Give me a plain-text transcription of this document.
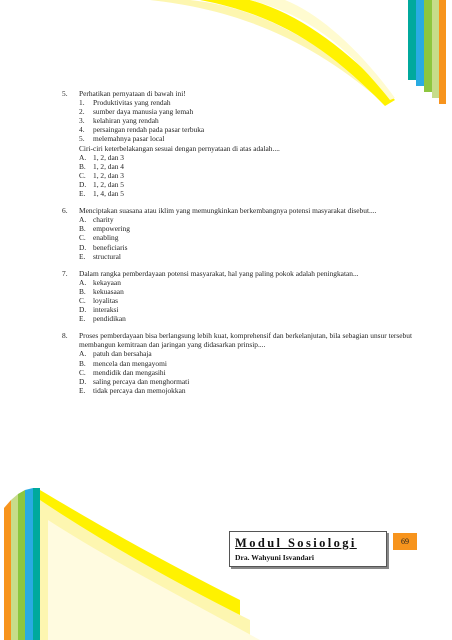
5.	Perhatikan pernyataan di bawah ini!
1.	Produktivitas yang rendah
2.	sumber daya manusia yang lemah
3.	kelahiran yang rendah
4.	persaingan rendah pada pasar terbuka
5.	melemahnya pasar local
Ciri-ciri keterbelakangan sesuai dengan pernyataan di atas adalah....
A. 1, 2, dan 3
B. 1, 2, dan 4
C. 1, 2, dan 3
D. 1, 2, dan 5
E.	1, 4, dan 5
6.	Menciptakan suasana atau iklim yang memungkinkan berkembangnya potensi masyarakat disebut....
A. charity
B. empowering
C. enabling
D. beneficiaris
E.	structural
7.	Dalam rangka pemberdayaan potensi masyarakat, hal yang paling pokok adalah peningkatan...
A. kekayaan
B. kekuasaan
C. loyalitas
D. interaksi
E.	pendidikan
8.	Proses pemberdayaan bisa berlangsung lebih kuat, komprehensif dan berkelanjutan, bila sebagian unsur tersebut membangun kemitraan dan jaringan yang didasarkan prinsip....
A. patuh dan bersahaja
B. mencela dan mengayomi
C. mendidik dan mengasihi
D. saling percaya dan menghormati
E.	tidak percaya dan memojokkan
Modul Sosiologi
Dra. Wahyuni Isvandari
69
